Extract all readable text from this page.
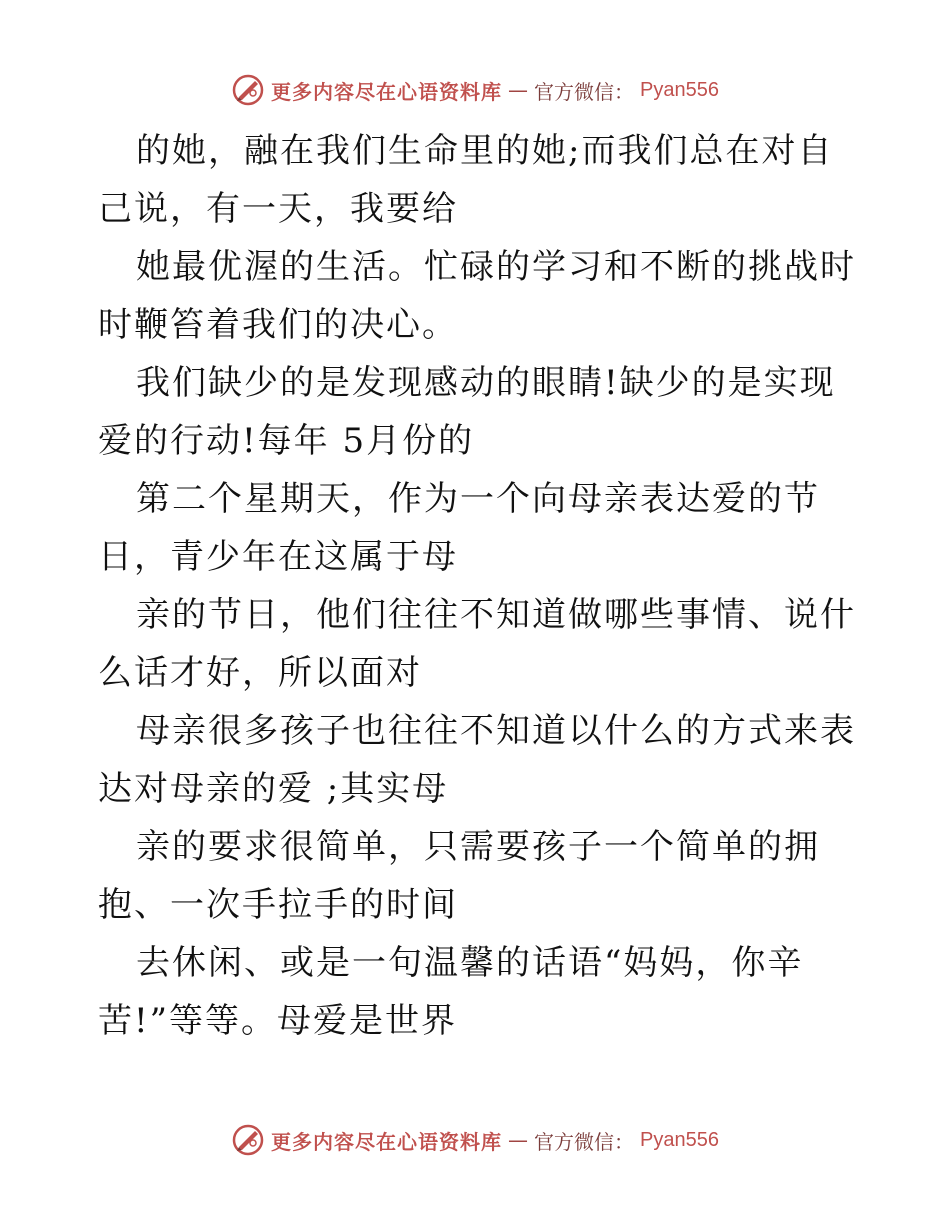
更多内容尽在心语资料库 — 官方微信： Pyan556

的她，融在我们生命里的她;而我们总在对自己说，有一天，我要给

她最优渥的生活。忙碌的学习和不断的挑战时时鞭笞着我们的决心。

我们缺少的是发现感动的眼睛!缺少的是实现爱的行动!每年 5月份的

第二个星期天，作为一个向母亲表达爱的节日，青少年在这属于母

亲的节日，他们往往不知道做哪些事情、说什么话才好，所以面对

母亲很多孩子也往往不知道以什么的方式来表达对母亲的爱 ;其实母

亲的要求很简单，只需要孩子一个简单的拥抱、一次手拉手的时间

去休闲、或是一句温馨的话语“妈妈，你辛苦!”等等。母爱是世界

更多内容尽在心语资料库 — 官方微信： Pyan556
